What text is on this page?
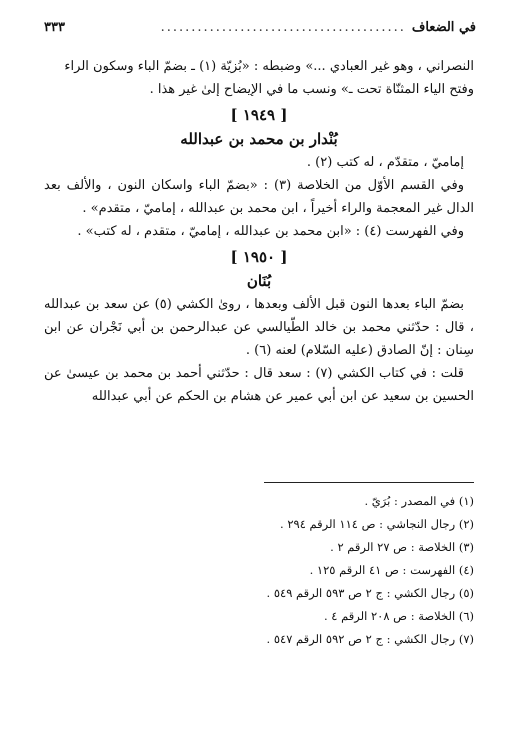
في الضعاف
........................................
٣٣٣

النصراني ، وهو غير العبادي ...» وضبطه : «بُزيّة (١) ـ بضمّ الباء وسكون الراء

وفتح الياء المثنّاة تحت ـ» ونسب ما في الإيضاح إلىٰ غير هذا .

[ ١٩٤٩ ]

بُنْدار بن محمد بن عبدالله

إماميّ ، متقدّم ، له كتب (٢) .

وفي القسم الأوّل من الخلاصة (٣) : «بضمّ الباء واسكان النون ، والألف بعد الدال غير المعجمة والراء أخيراً ، ابن محمد بن عبدالله ، إماميّ ، متقدم» .

وفي الفهرست (٤) : «ابن محمد بن عبدالله ، إماميّ ، متقدم ، له كتب» .

[ ١٩٥٠ ]

بُنَان

بضمّ الباء بعدها النون قبل الألف وبعدها ، روىٰ الكشي (٥) عن سعد بن عبدالله ، قال : حدّثني محمد بن خالد الطّيالسي عن عبدالرحمن بن أبي نَجْران عن ابن سِنان : إنّ الصادق (عليه السّلام) لعنه (٦) .

قلت : في كتاب الكشي (٧) : سعد قال : حدّثني أحمد بن محمد بن عيسىٰ عن الحسين بن سعيد عن ابن أبي عمير عن هشام بن الحكم عن أبي عبدالله

(١) في المصدر : بُرَيّ .

(٢) رجال النجاشي : ص ١١٤ الرقم ٢٩٤ .

(٣) الخلاصة : ص ٢٧ الرقم ٢ .

(٤) الفهرست : ص ٤١ الرقم ١٢٥ .

(٥) رجال الكشي : ج ٢ ص ٥٩٣ الرقم ٥٤٩ .

(٦) الخلاصة : ص ٢٠٨ الرقم ٤ .

(٧) رجال الكشي : ج ٢ ص ٥٩٢ الرقم ٥٤٧ .
